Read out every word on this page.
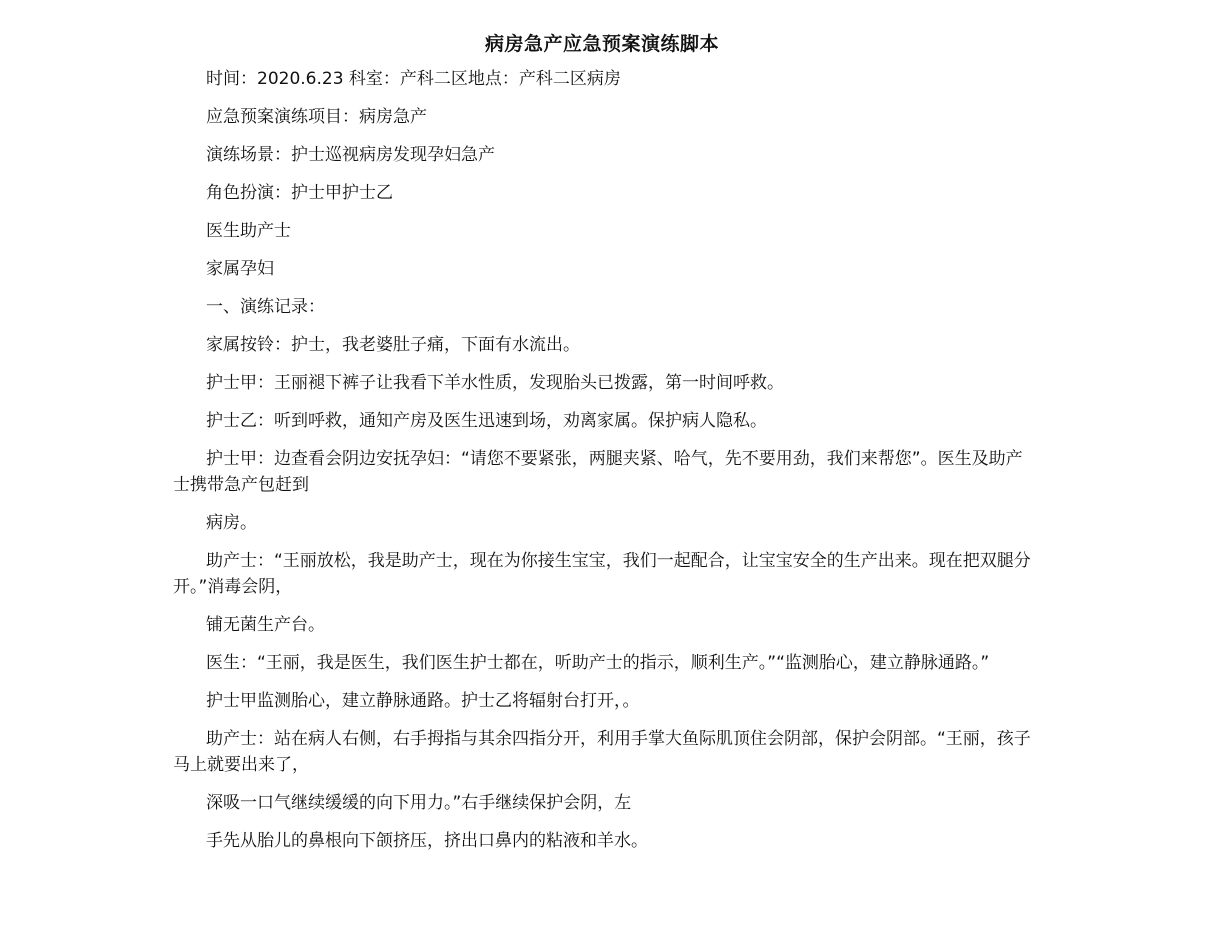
病房急产应急预案演练脚本
时间：2020.6.23 科室：产科二区地点：产科二区病房
应急预案演练项目：病房急产
演练场景：护士巡视病房发现孕妇急产
角色扮演：护士甲护士乙
医生助产士
家属孕妇
一、演练记录：
家属按铃：护士，我老婆肚子痛，下面有水流出。
护士甲：王丽褪下裤子让我看下羊水性质，发现胎头已拨露，第一时间呼救。
护士乙：听到呼救，通知产房及医生迅速到场，劝离家属。保护病人隐私。
护士甲：边查看会阴边安抚孕妇：“请您不要紧张，两腿夹紧、哈气，先不要用劲，我们来帮您”。医生及助产士携带急产包赶到
病房。
助产士：“王丽放松，我是助产士，现在为你接生宝宝，我们一起配合，让宝宝安全的生产出来。现在把双腿分开。”消毒会阴，
铺无菌生产台。
医生：“王丽，我是医生，我们医生护士都在，听助产士的指示，顺利生产。”“监测胎心，建立静脉通路。”
护士甲监测胎心，建立静脉通路。护士乙将辐射台打开，。
助产士：站在病人右侧，右手拇指与其余四指分开，利用手掌大鱼际肌顶住会阴部，保护会阴部。“王丽，孩子马上就要出来了，
深吸一口气继续缓缓的向下用力。”右手继续保护会阴，左
手先从胎儿的鼻根向下颌挤压，挤出口鼻内的粘液和羊水。
